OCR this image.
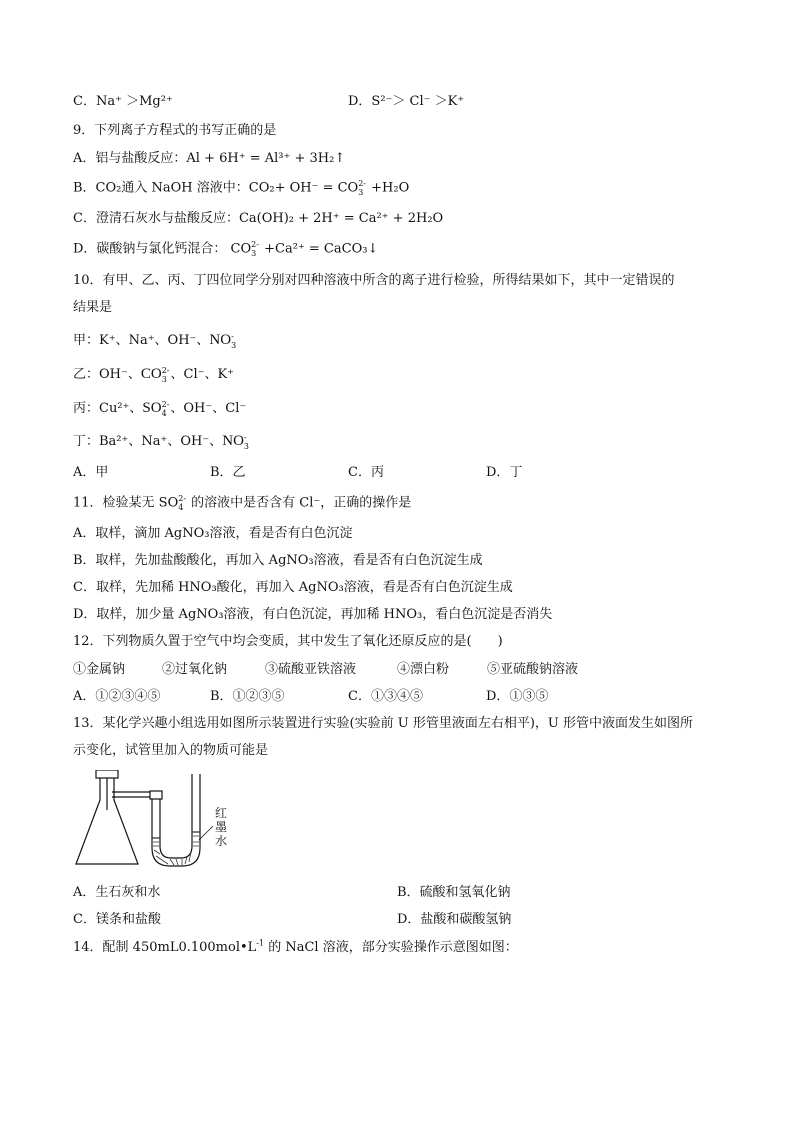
C．Na⁺ ＞Mg²⁺	D．S²⁻＞ Cl⁻ ＞K⁺
9．下列离子方程式的书写正确的是
A．铝与盐酸反应：Al + 6H⁺ = Al³⁺ + 3H₂↑
B．CO₂通入 NaOH 溶液中：CO₂+ OH⁻ = CO 2-
3 +H₂O
C．澄清石灰水与盐酸反应：Ca(OH)₂ + 2H⁺ = Ca²⁺ + 2H₂O
D．碳酸钠与氯化钙混合： CO 2-
3 +Ca²⁺ = CaCO₃↓
10．有甲、乙、丙、丁四位同学分别对四种溶液中所含的离子进行检验，所得结果如下，其中一定错误的
结果是
甲：K⁺、Na⁺、OH⁻、NO -
3
乙：OH⁻、CO 2-
3 、Cl⁻、K⁺
丙：Cu²⁺、SO 2-
4 、OH⁻、Cl⁻
丁：Ba²⁺、Na⁺、OH⁻、NO -
3
A．甲	B．乙	C．丙	D．丁
11．检验某无 SO 2-
4 的溶液中是否含有 Cl⁻，正确的操作是
A．取样，滴加 AgNO₃溶液，看是否有白色沉淀
B．取样，先加盐酸酸化，再加入 AgNO₃溶液，看是否有白色沉淀生成
C．取样，先加稀 HNO₃酸化，再加入 AgNO₃溶液，看是否有白色沉淀生成
D．取样，加少量 AgNO₃溶液，有白色沉淀，再加稀 HNO₃，看白色沉淀是否消失
12．下列物质久置于空气中均会变质，其中发生了氧化还原反应的是(　　)
①金属钠	②过氧化钠	③硫酸亚铁溶液	④漂白粉	⑤亚硫酸钠溶液
A．①②③④⑤	B．①②③⑤	C．①③④⑤	D．①③⑤
13．某化学兴趣小组选用如图所示装置进行实验(实验前 U 形管里液面左右相平)，U 形管中液面发生如图所
示变化，试管里加入的物质可能是
红
墨
水
A．生石灰和水	B．硫酸和氢氧化钠
C．镁条和盐酸	D．盐酸和碳酸氢钠
14．配制 $450mL0.100mol•L^{-1}$ 的 NaCl 溶液，部分实验操作示意图如图：
